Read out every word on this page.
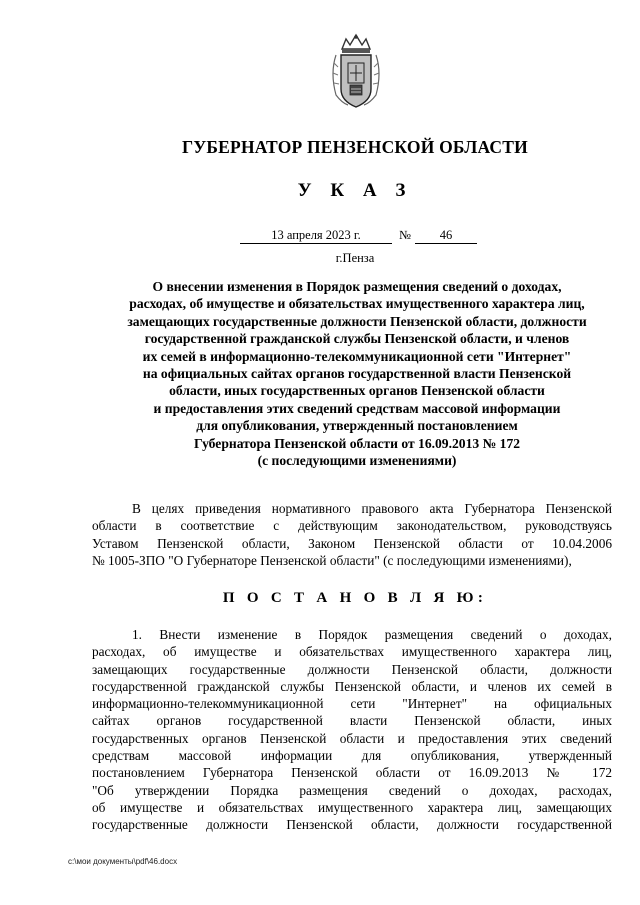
ГУБЕРНАТОР ПЕНЗЕНСКОЙ ОБЛАСТИ
У К А З
13 апреля 2023 г.	№	46
г.Пенза
О внесении изменения в Порядок размещения сведений о доходах,
расходах, об имуществе и обязательствах имущественного характера лиц,
замещающих государственные должности Пензенской области, должности
государственной гражданской службы Пензенской области, и членов
их семей в информационно-телекоммуникационной сети "Интернет"
на официальных сайтах органов государственной власти Пензенской
области, иных государственных органов Пензенской области
и предоставления этих сведений средствам массовой информации
для опубликования, утвержденный постановлением
Губернатора Пензенской области от 16.09.2013 № 172
(с последующими изменениями)
В целях приведения нормативного правового акта Губернатора Пензенской
области в соответствие с действующим законодательством, руководствуясь
Уставом Пензенской области, Законом Пензенской области от 10.04.2006
№ 1005-ЗПО "О Губернаторе Пензенской области" (с последующими изменениями),
П О С Т А Н О В Л Я Ю:
1. Внести изменение в Порядок размещения сведений о доходах,
расходах, об имуществе и обязательствах имущественного характера лиц,
замещающих государственные должности Пензенской области, должности
государственной гражданской службы Пензенской области, и членов их семей в
информационно-телекоммуникационной сети "Интернет" на официальных
сайтах органов государственной власти Пензенской области, иных
государственных органов Пензенской области и предоставления этих сведений
средствам массовой информации для опубликования, утвержденный
постановлением Губернатора Пензенской области от 16.09.2013 № 172
"Об утверждении Порядка размещения сведений о доходах, расходах,
об имуществе и обязательствах имущественного характера лиц, замещающих
государственные должности Пензенской области, должности государственной
c:\мои документы\pdf\46.docx
